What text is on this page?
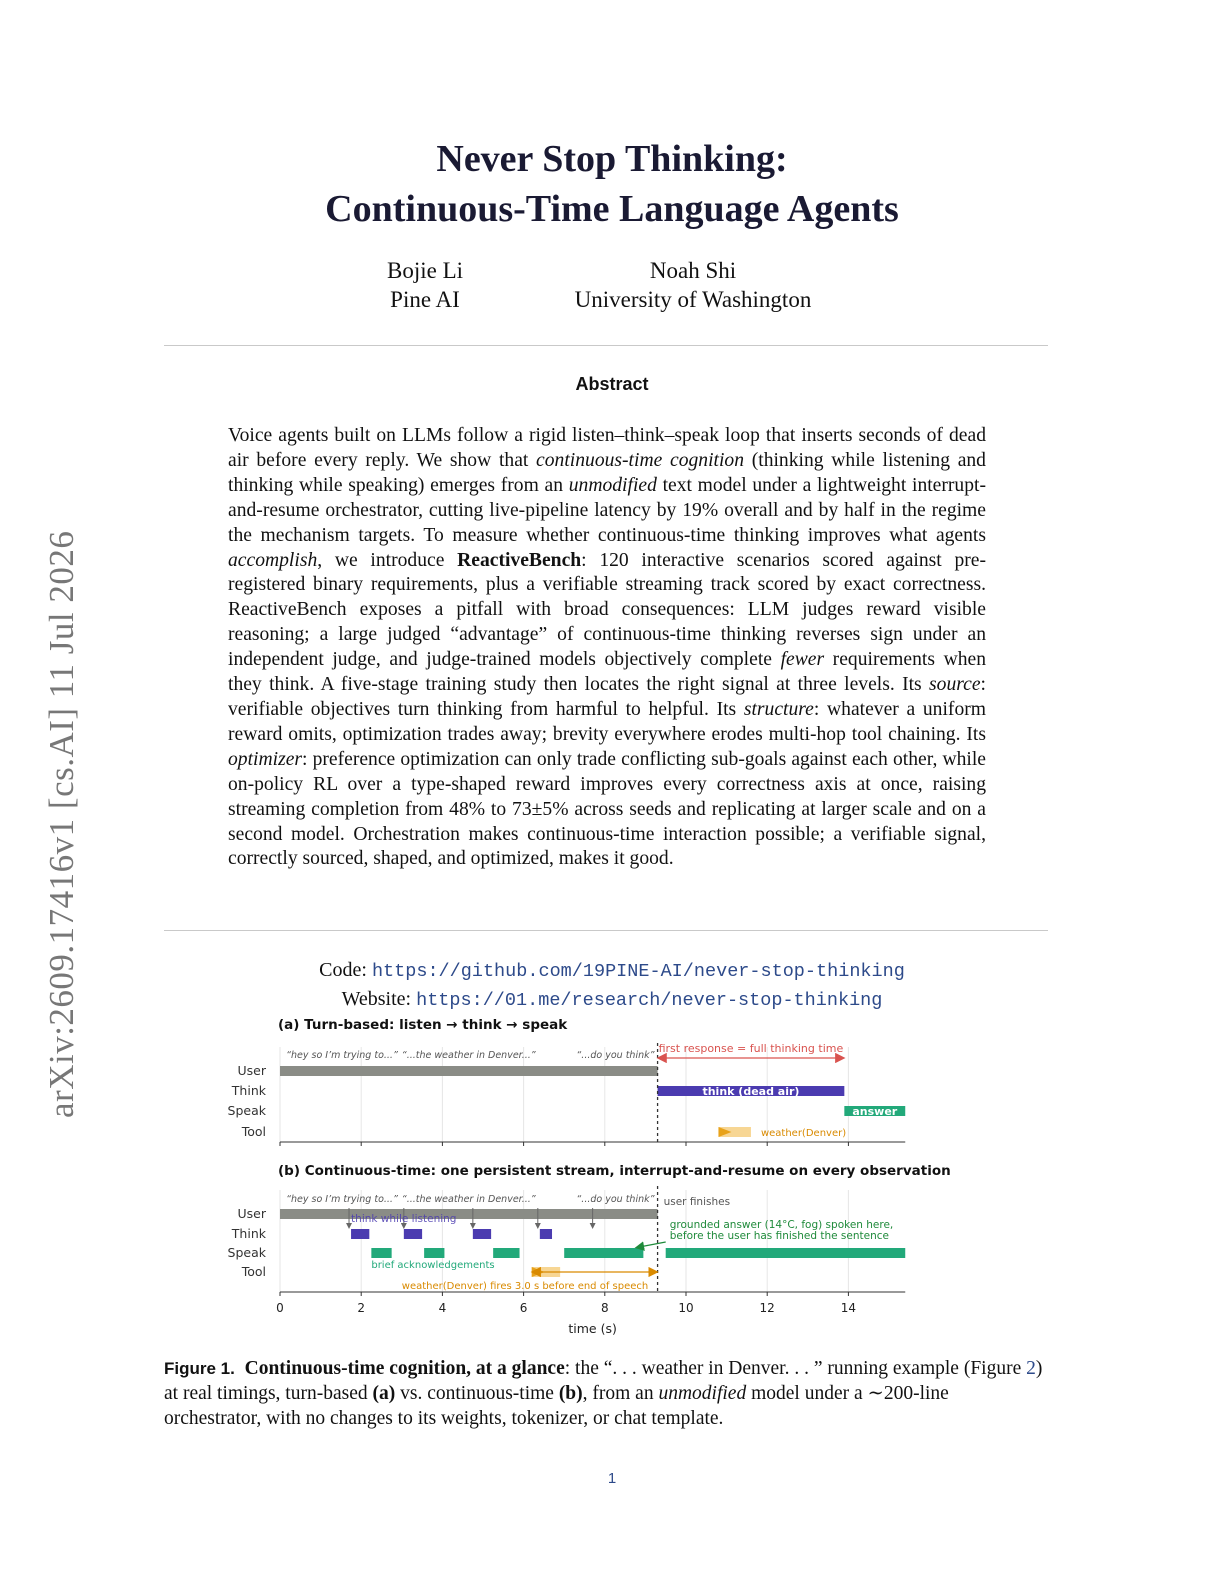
Never Stop Thinking:
Continuous-Time Language Agents
Bojie Li
Pine AI
Noah Shi
University of Washington
Abstract
Voice agents built on LLMs follow a rigid listen–think–speak loop that inserts seconds of dead air before every reply. We show that continuous-time cognition (thinking while listening and thinking while speaking) emerges from an unmodified text model under a lightweight interrupt-and-resume orchestrator, cutting live-pipeline latency by 19% overall and by half in the regime the mechanism targets. To measure whether continuous-time thinking improves what agents accomplish, we introduce ReactiveBench: 120 interactive scenarios scored against pre-registered binary requirements, plus a verifiable streaming track scored by exact correctness. ReactiveBench exposes a pitfall with broad consequences: LLM judges reward visible reasoning; a large judged “advantage” of continuous-time thinking reverses sign under an independent judge, and judge-trained models objectively complete fewer requirements when they think. A five-stage training study then locates the right signal at three levels. Its source: verifiable objectives turn thinking from harmful to helpful. Its structure: whatever a uniform reward omits, optimization trades away; brevity everywhere erodes multi-hop tool chaining. Its optimizer: preference optimization can only trade conflicting sub-goals against each other, while on-policy RL over a type-shaped reward improves every correctness axis at once, raising streaming completion from 48% to 73±5% across seeds and replicating at larger scale and on a second model. Orchestration makes continuous-time interaction possible; a verifiable signal, correctly sourced, shaped, and optimized, makes it good.
arXiv:2609.17416v1 [cs.AI] 11 Jul 2026	Code: https://github.com/19PINE-AI/never-stop-thinking
Website: https://01.me/research/never-stop-thinking
(a) Turn-based: listen → think → speak
User
Think
Speak
Tool
“hey so I’m trying to...” “...the weather in Denver...”	“...do you think”
think (dead air)
answer
weather(Denver)
first response = full thinking time
(b) Continuous-time: one persistent stream, interrupt-and-resume on every observation
User
Think
Speak
Tool
“hey so I’m trying to...” “...the weather in Denver...”	“...do you think”
think while listening
user finishes
grounded answer (14°C, fog) spoken here,
before the user has finished the sentence
brief acknowledgements
weather(Denver) fires 3.0 s before end of speech
0	2	4	6	8	10	12	14
time (s)
Figure 1. Continuous-time cognition, at a glance: the “. . . weather in Denver. . . ” running example (Figure 2) at real timings, turn-based (a) vs. continuous-time (b), from an unmodified model under a ∼200-line orchestrator, with no changes to its weights, tokenizer, or chat template.
1
